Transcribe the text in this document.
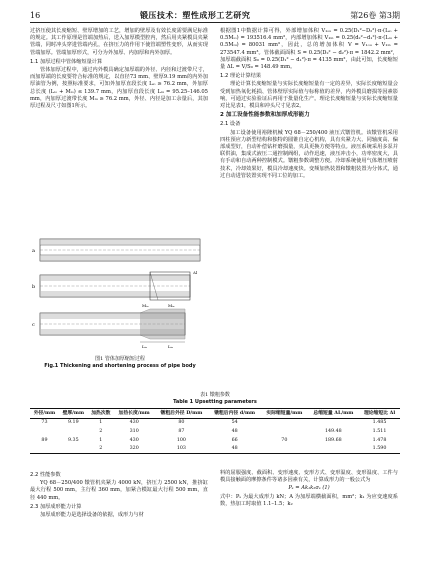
16	锻压技术：塑性成形工艺研究	第26卷 第3期

过挤压使其长度缩短、壁厚增加的工艺，增加的壁厚及有效长度需要满足标准的规定。其工作原理是管端加热后，送入加厚模型腔内，然后用夹紧模具夹紧管端，同时冲头穿进管端内孔，在挤压力的作用下使管端塑性变形，从而实现管端加厚。管端加厚形式，可分为外加厚、内加厚和内外加厚。

1.1 加厚过程中管体缩短量计算

管体加厚过程中，通过内外模具确定加厚端的外径、内径和过渡带尺寸，而加厚端的长度要符合标准的规定，以直径73 mm、壁厚9.19 mm的内外加厚油管为例，按照标准要求，可知外加厚直段长度 Lᵢₒ ≥ 76.2 mm，外加厚总长度 (Lᵢₒ + Mᵢₒ) ≤ 139.7 mm，内加厚直段长度 Lᵢᵤ = 95.25–146.05 mm，内加厚过渡带长度 Mᵢᵤ ≥ 76.2 mm，外径、内径是加工余量后，其加厚过程及尺寸如图1所示。

a
b
Δl
c
Lᵢᵤ	Lᵢₒ
Mᵢᵤ	Mᵢₒ
图1 管体加厚缩短过程
Fig.1 Thickening and shortening process of pipe body

根据图1中数据计算可得，外部增加体积 V₁ₒᵤ = 0.25(D₁²−D₂²)·π·(Lᵢₒ + 0.5Mᵢₒ) = 193516.4 mm³，内部增加体积 V₁ᵢₙ = 0.25(d₂²−d₁²)·π·(Lᵢᵤ + 0.5Mᵢᵤ) = 80031 mm³，因此，总的增加体积 V = V₁ₒᵤ + V₁ᵢₙ = 273547.4 mm³。管体截面面积 S = 0.25(D₂² − d₂²)·π = 1842.2 mm²，加厚端截面积 S₀ = 0.25(D₁² − d₁²)·π = 4135 mm²，由此可知，长度缩短量 ΔL = V/S₀ = 148.49 mm。

1.2 理论计算结果

理论计算长度缩短量与实际长度缩短量有一定的差异，实际长度缩短量会受到加热氧化耗损、管体壁厚实际值与标称值的差异，内外模具磨损等因素影响，可通过实验验证后再用于批量化生产。理论长度缩短量与实际长度缩短量对比见表1，模具和冲头尺寸见表2。

2 加工设备性能参数和加厚成形能力
2.1 设备

加工设备使用裕隆机械 YQ 68－250/400 液压式镦管机。该镦管机采用四柱预应力新型结构和独特的圆锥自定心机构，具有夹紧力大、同轴度高、偏部成型好，自动补偿钻杆磨损量，夹具更换方便等特点。液压系统采用多泵并联供油，集成式液压二通控制阀组，动作迅速，液压冲击小，功率密度大，具有手动和自动两种控制模式。镦粗参数调整方便。冷却系统使用气体增压喷射技术，冷却效果好，模具冷却速度快。变频加热装置和镦粗装置为分体式，通过自动进管装置实现不同工位的加工。

表1 镦粗参数
Table 1 Upsetting parameters
外径/mm	壁厚/mm	加热次数	加热长度/mm	镦粗后外径 D/mm	镦粗后内径 d/mm	实际缩短量/mm	总缩短量 ΔL/mm	理论缩短比 Δl
73	9.19	1	430	80	54			1.485
		2	310	87	48		149.48	1.511
89	9.35	1	430	100	66	70	189.68	1.478
		2	320	103	48			1.590
2.2 性能参数

YQ 68－250/400 镦管机夹紧力 4000 kN，挤压力 2500 kN，推挤缸最大行程 500 mm，主行程 360 mm，加紧合模缸最大行程 500 mm，直径 440 mm。

2.3 加厚成形能力计算

加厚成形能力是选择设备的依据，成形力与材

料的屈服强度、截面积、变形速度、变形方式、变形温度、变形温度、工件与模具接触面的摩擦条件等诸多因素有关，计算成形力的一般公式为

Pₛ = Ak₁k₂σₛ (1)

式中：Pₛ 为最大成形力 kN；A 为加厚端横截面积，mm²；k₁ 为应变速度系数，热加工时取值 1.1–1.5；k₂
